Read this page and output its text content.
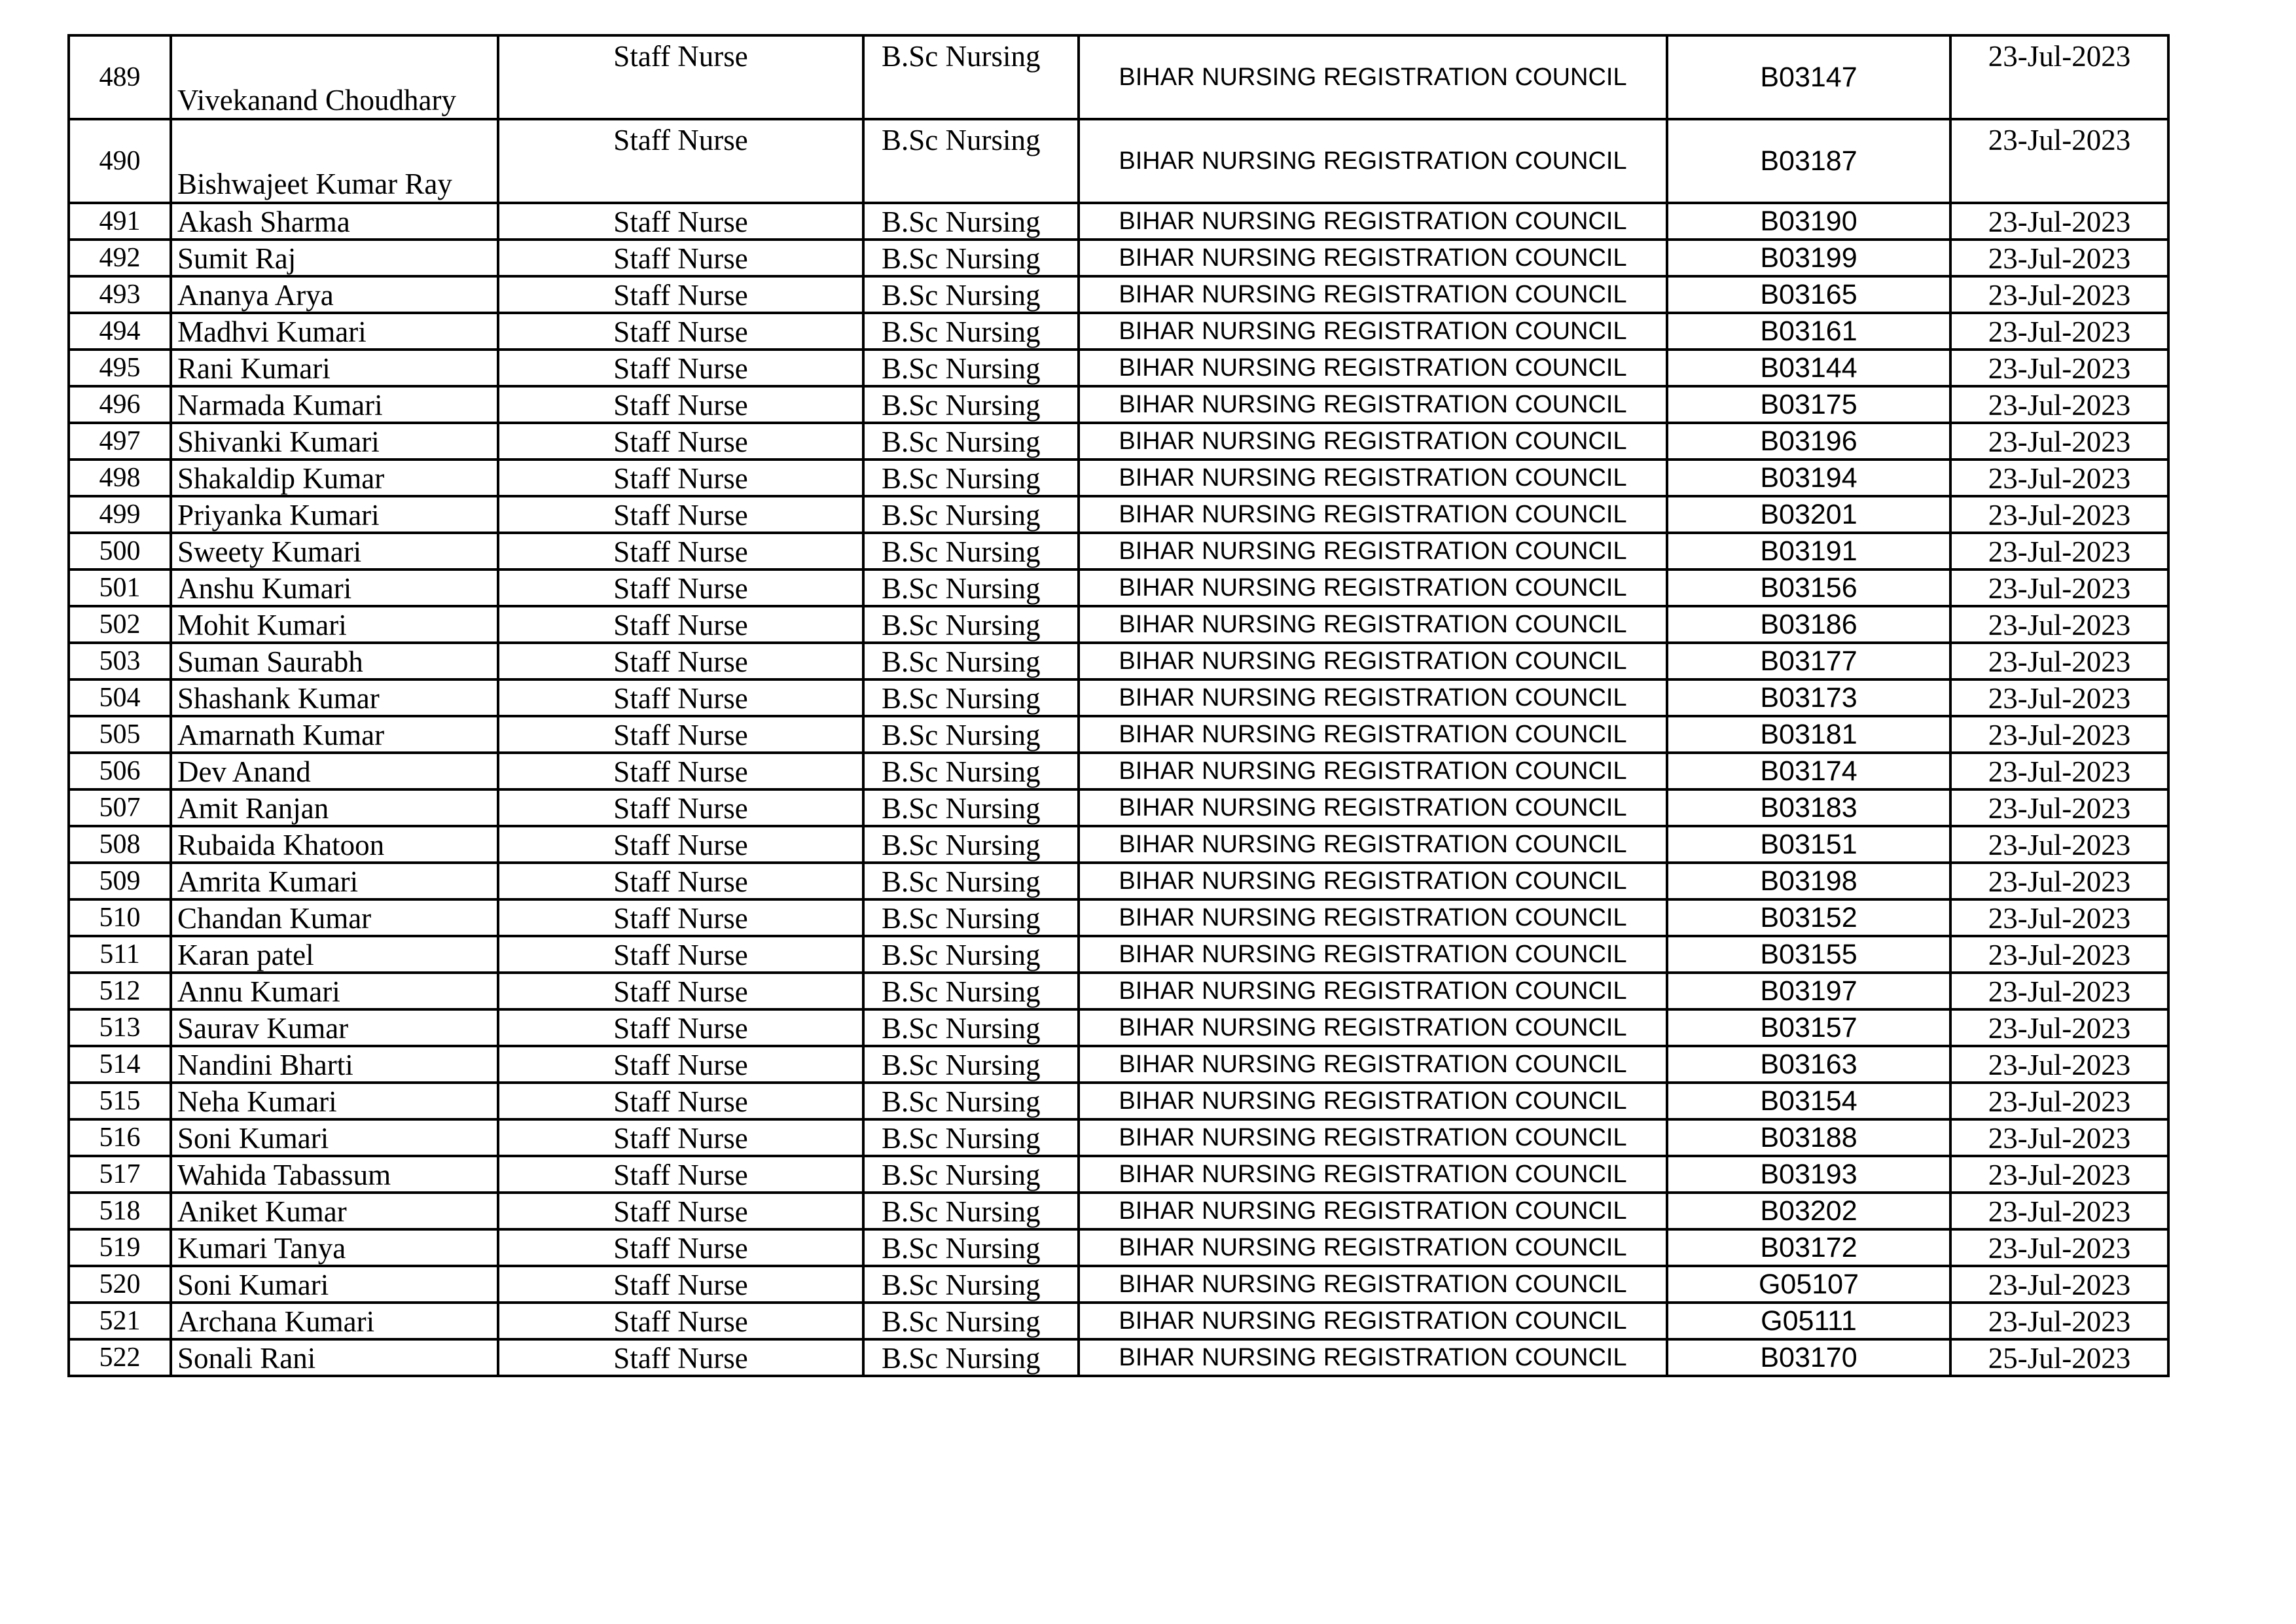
489	Vivekanand Choudhary	Staff Nurse	B.Sc Nursing	BIHAR NURSING REGISTRATION COUNCIL	B03147	23-Jul-2023
490	Bishwajeet Kumar Ray	Staff Nurse	B.Sc Nursing	BIHAR NURSING REGISTRATION COUNCIL	B03187	23-Jul-2023
491	Akash Sharma	Staff Nurse	B.Sc Nursing	BIHAR NURSING REGISTRATION COUNCIL	B03190	23-Jul-2023
492	Sumit Raj	Staff Nurse	B.Sc Nursing	BIHAR NURSING REGISTRATION COUNCIL	B03199	23-Jul-2023
493	Ananya Arya	Staff Nurse	B.Sc Nursing	BIHAR NURSING REGISTRATION COUNCIL	B03165	23-Jul-2023
494	Madhvi Kumari	Staff Nurse	B.Sc Nursing	BIHAR NURSING REGISTRATION COUNCIL	B03161	23-Jul-2023
495	Rani Kumari	Staff Nurse	B.Sc Nursing	BIHAR NURSING REGISTRATION COUNCIL	B03144	23-Jul-2023
496	Narmada Kumari	Staff Nurse	B.Sc Nursing	BIHAR NURSING REGISTRATION COUNCIL	B03175	23-Jul-2023
497	Shivanki Kumari	Staff Nurse	B.Sc Nursing	BIHAR NURSING REGISTRATION COUNCIL	B03196	23-Jul-2023
498	Shakaldip Kumar	Staff Nurse	B.Sc Nursing	BIHAR NURSING REGISTRATION COUNCIL	B03194	23-Jul-2023
499	Priyanka Kumari	Staff Nurse	B.Sc Nursing	BIHAR NURSING REGISTRATION COUNCIL	B03201	23-Jul-2023
500	Sweety Kumari	Staff Nurse	B.Sc Nursing	BIHAR NURSING REGISTRATION COUNCIL	B03191	23-Jul-2023
501	Anshu Kumari	Staff Nurse	B.Sc Nursing	BIHAR NURSING REGISTRATION COUNCIL	B03156	23-Jul-2023
502	Mohit Kumari	Staff Nurse	B.Sc Nursing	BIHAR NURSING REGISTRATION COUNCIL	B03186	23-Jul-2023
503	Suman Saurabh	Staff Nurse	B.Sc Nursing	BIHAR NURSING REGISTRATION COUNCIL	B03177	23-Jul-2023
504	Shashank Kumar	Staff Nurse	B.Sc Nursing	BIHAR NURSING REGISTRATION COUNCIL	B03173	23-Jul-2023
505	Amarnath Kumar	Staff Nurse	B.Sc Nursing	BIHAR NURSING REGISTRATION COUNCIL	B03181	23-Jul-2023
506	Dev Anand	Staff Nurse	B.Sc Nursing	BIHAR NURSING REGISTRATION COUNCIL	B03174	23-Jul-2023
507	Amit Ranjan	Staff Nurse	B.Sc Nursing	BIHAR NURSING REGISTRATION COUNCIL	B03183	23-Jul-2023
508	Rubaida Khatoon	Staff Nurse	B.Sc Nursing	BIHAR NURSING REGISTRATION COUNCIL	B03151	23-Jul-2023
509	Amrita Kumari	Staff Nurse	B.Sc Nursing	BIHAR NURSING REGISTRATION COUNCIL	B03198	23-Jul-2023
510	Chandan Kumar	Staff Nurse	B.Sc Nursing	BIHAR NURSING REGISTRATION COUNCIL	B03152	23-Jul-2023
511	Karan patel	Staff Nurse	B.Sc Nursing	BIHAR NURSING REGISTRATION COUNCIL	B03155	23-Jul-2023
512	Annu Kumari	Staff Nurse	B.Sc Nursing	BIHAR NURSING REGISTRATION COUNCIL	B03197	23-Jul-2023
513	Saurav Kumar	Staff Nurse	B.Sc Nursing	BIHAR NURSING REGISTRATION COUNCIL	B03157	23-Jul-2023
514	Nandini Bharti	Staff Nurse	B.Sc Nursing	BIHAR NURSING REGISTRATION COUNCIL	B03163	23-Jul-2023
515	Neha Kumari	Staff Nurse	B.Sc Nursing	BIHAR NURSING REGISTRATION COUNCIL	B03154	23-Jul-2023
516	Soni Kumari	Staff Nurse	B.Sc Nursing	BIHAR NURSING REGISTRATION COUNCIL	B03188	23-Jul-2023
517	Wahida Tabassum	Staff Nurse	B.Sc Nursing	BIHAR NURSING REGISTRATION COUNCIL	B03193	23-Jul-2023
518	Aniket Kumar	Staff Nurse	B.Sc Nursing	BIHAR NURSING REGISTRATION COUNCIL	B03202	23-Jul-2023
519	Kumari Tanya	Staff Nurse	B.Sc Nursing	BIHAR NURSING REGISTRATION COUNCIL	B03172	23-Jul-2023
520	Soni Kumari	Staff Nurse	B.Sc Nursing	BIHAR NURSING REGISTRATION COUNCIL	G05107	23-Jul-2023
521	Archana Kumari	Staff Nurse	B.Sc Nursing	BIHAR NURSING REGISTRATION COUNCIL	G05111	23-Jul-2023
522	Sonali Rani	Staff Nurse	B.Sc Nursing	BIHAR NURSING REGISTRATION COUNCIL	B03170	25-Jul-2023
